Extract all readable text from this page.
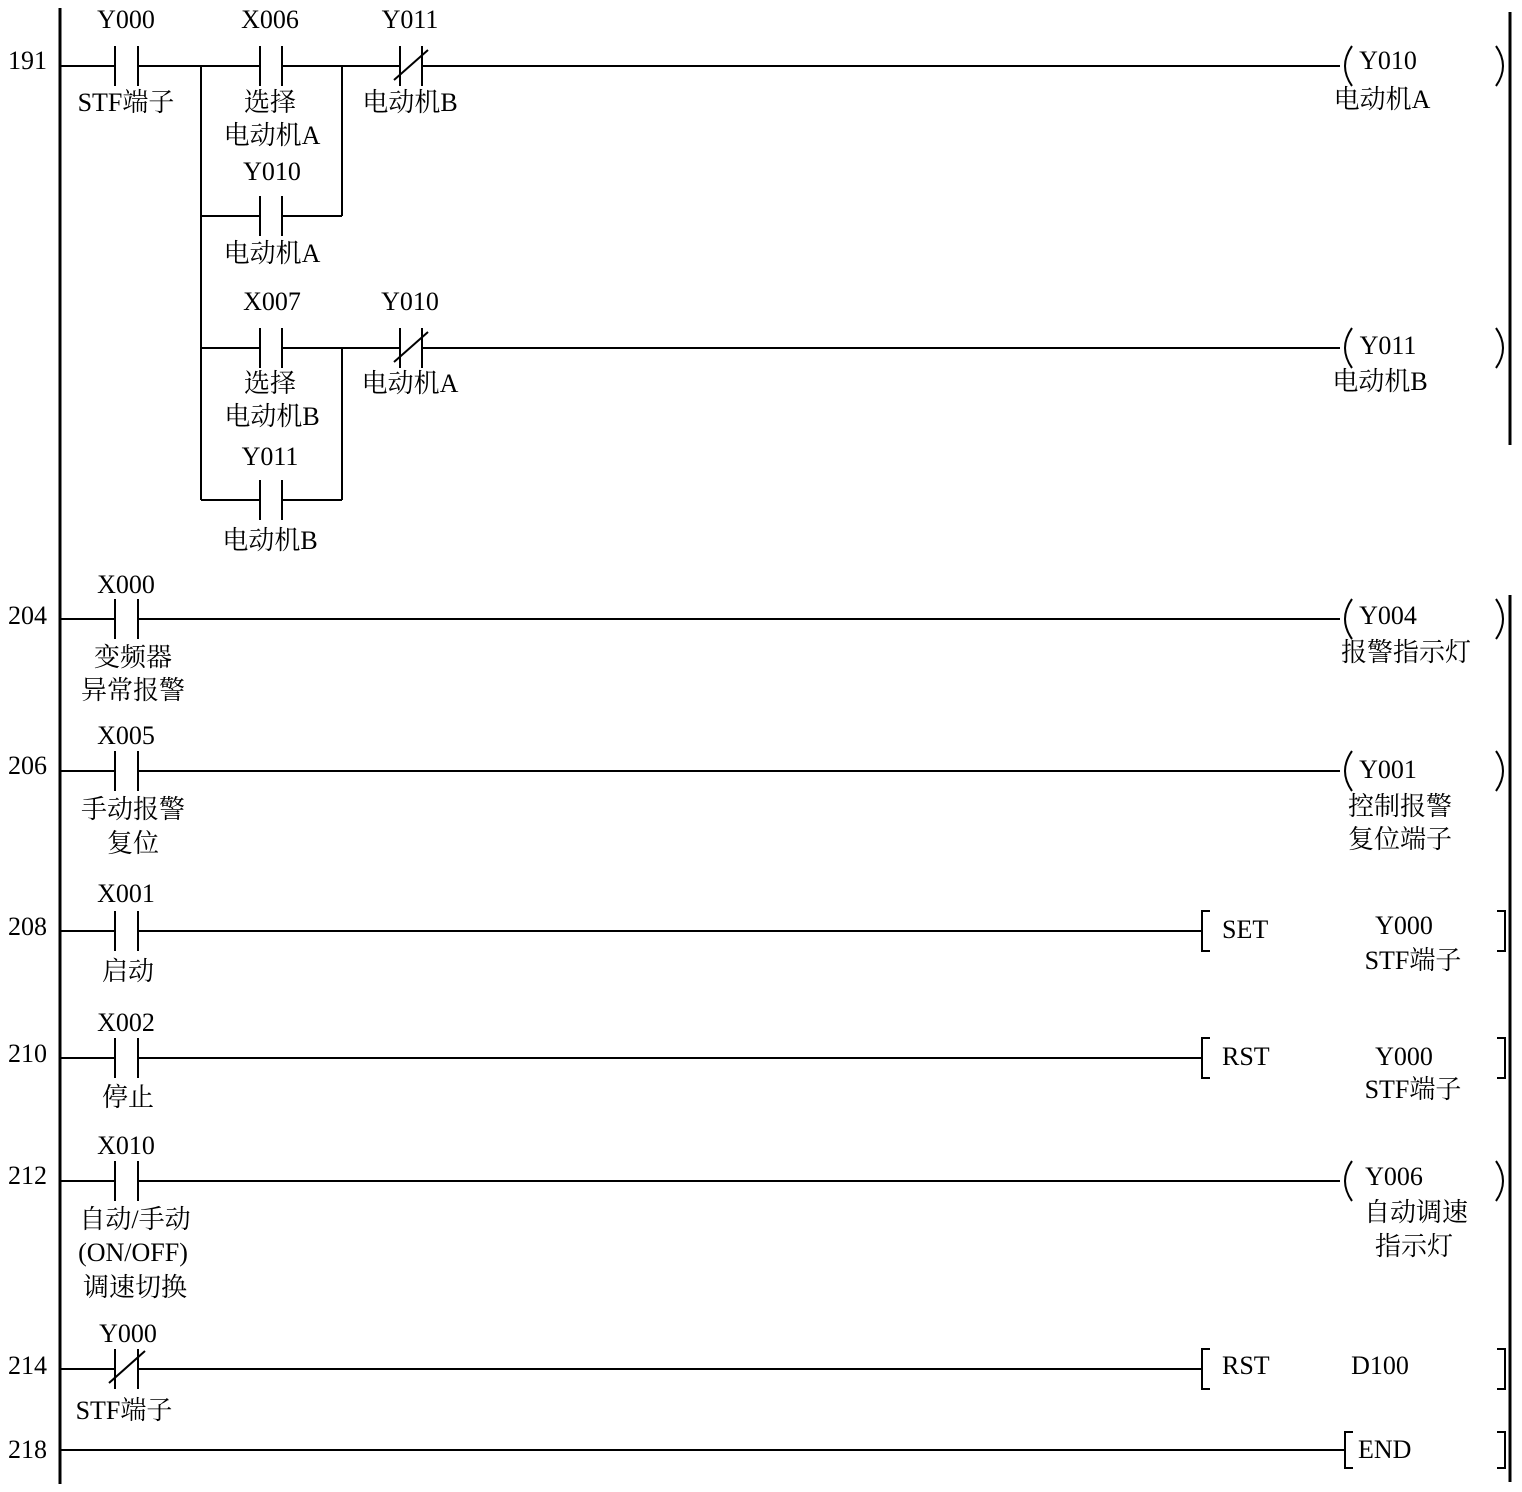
191
Y000
STF端子
X006
选择
电动机A
Y010
电动机A
Y011
电动机B
Y010
电动机A
X007
选择
电动机B
Y011
电动机B
Y010
电动机A
Y011
电动机B
204
X000
变频器
异常报警
Y004
报警指示灯
206
X005
手动报警
复位
Y001
控制报警
复位端子
208
X001
启动
SET	Y000
STF端子
210
X002
停止
RST	Y000
STF端子
212
X010
自动/手动
(ON/OFF)
调速切换
Y006
自动调速
指示灯
214
Y000
STF端子
RST	D100
218	END
